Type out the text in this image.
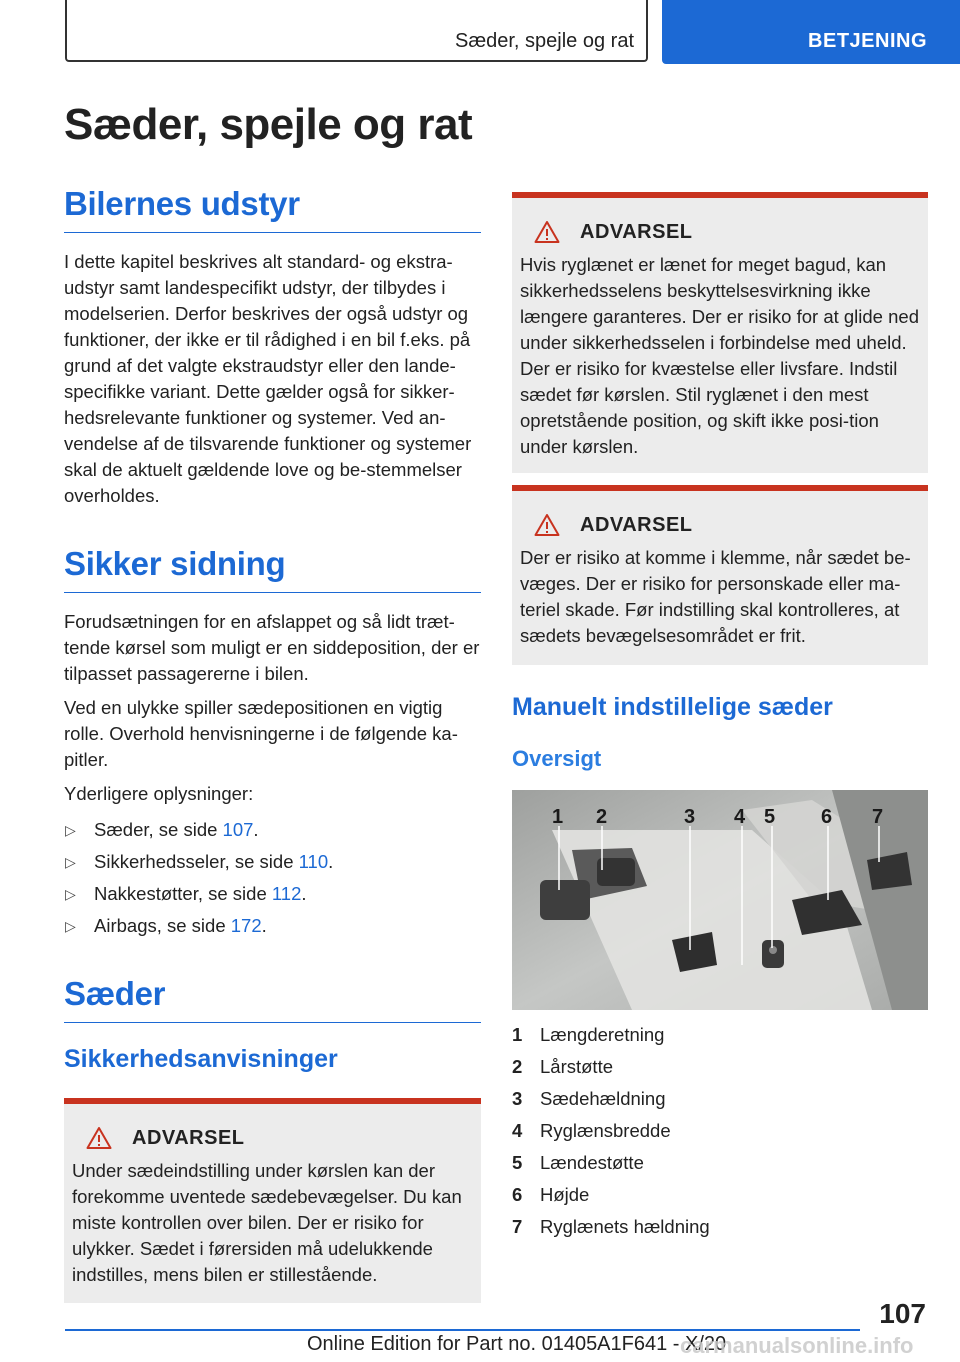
Sæder, spejle og rat	BETJENING
Sæder, spejle og rat
Bilernes udstyr

I dette kapitel beskrives alt standard- og ekstra-udstyr samt landespecifikt udstyr, der tilbydes i modelserien. Derfor beskrives der også udstyr og funktioner, der ikke er til rådighed i en bil f.eks. på grund af det valgte ekstraudstyr eller den lande-specifikke variant. Dette gælder også for sikker-hedsrelevante funktioner og systemer. Ved an-vendelse af de tilsvarende funktioner og systemer skal de aktuelt gældende love og be-stemmelser overholdes.

Sikker sidning

Forudsætningen for en afslappet og så lidt træt-tende kørsel som muligt er en siddeposition, der er tilpasset passagererne i bilen.

Ved en ulykke spiller sædepositionen en vigtig rolle. Overhold henvisningerne i de følgende ka-pitler.

Yderligere oplysninger:

▷ Sæder, se side 107.
▷ Sikkerhedsseler, se side 110.
▷ Nakkestøtter, se side 112.
▷ Airbags, se side 172.
Sæder
Sikkerhedsanvisninger
ADVARSEL

Under sædeindstilling under kørslen kan der forekomme uventede sædebevægelser. Du kan miste kontrollen over bilen. Der er risiko for ulykker. Sædet i førersiden må udelukkende indstilles, mens bilen er stillestående.

ADVARSEL

Hvis ryglænet er lænet for meget bagud, kan sikkerhedsselens beskyttelsesvirkning ikke længere garanteres. Der er risiko for at glide ned under sikkerhedsselen i forbindelse med uheld. Der er risiko for kvæstelse eller livsfare. Indstil sædet før kørslen. Stil ryglænet i den mest opretstående position, og skift ikke posi-tion under kørslen.

ADVARSEL

Der er risiko at komme i klemme, når sædet be-væges. Der er risiko for personskade eller ma-teriel skade. Før indstilling skal kontrolleres, at sædets bevægelsesområdet er frit.

Manuelt indstillelige sæder
Oversigt
1 2	3 4 5 6 7
1 Længderetning
2 Lårstøtte
3 Sædehældning
4 Ryglænsbredde
5 Lændestøtte
6 Højde
7 Ryglænets hældning
107
Online Edition for Part no. 01405A1F641 - X/20
carmanualsonline.info
